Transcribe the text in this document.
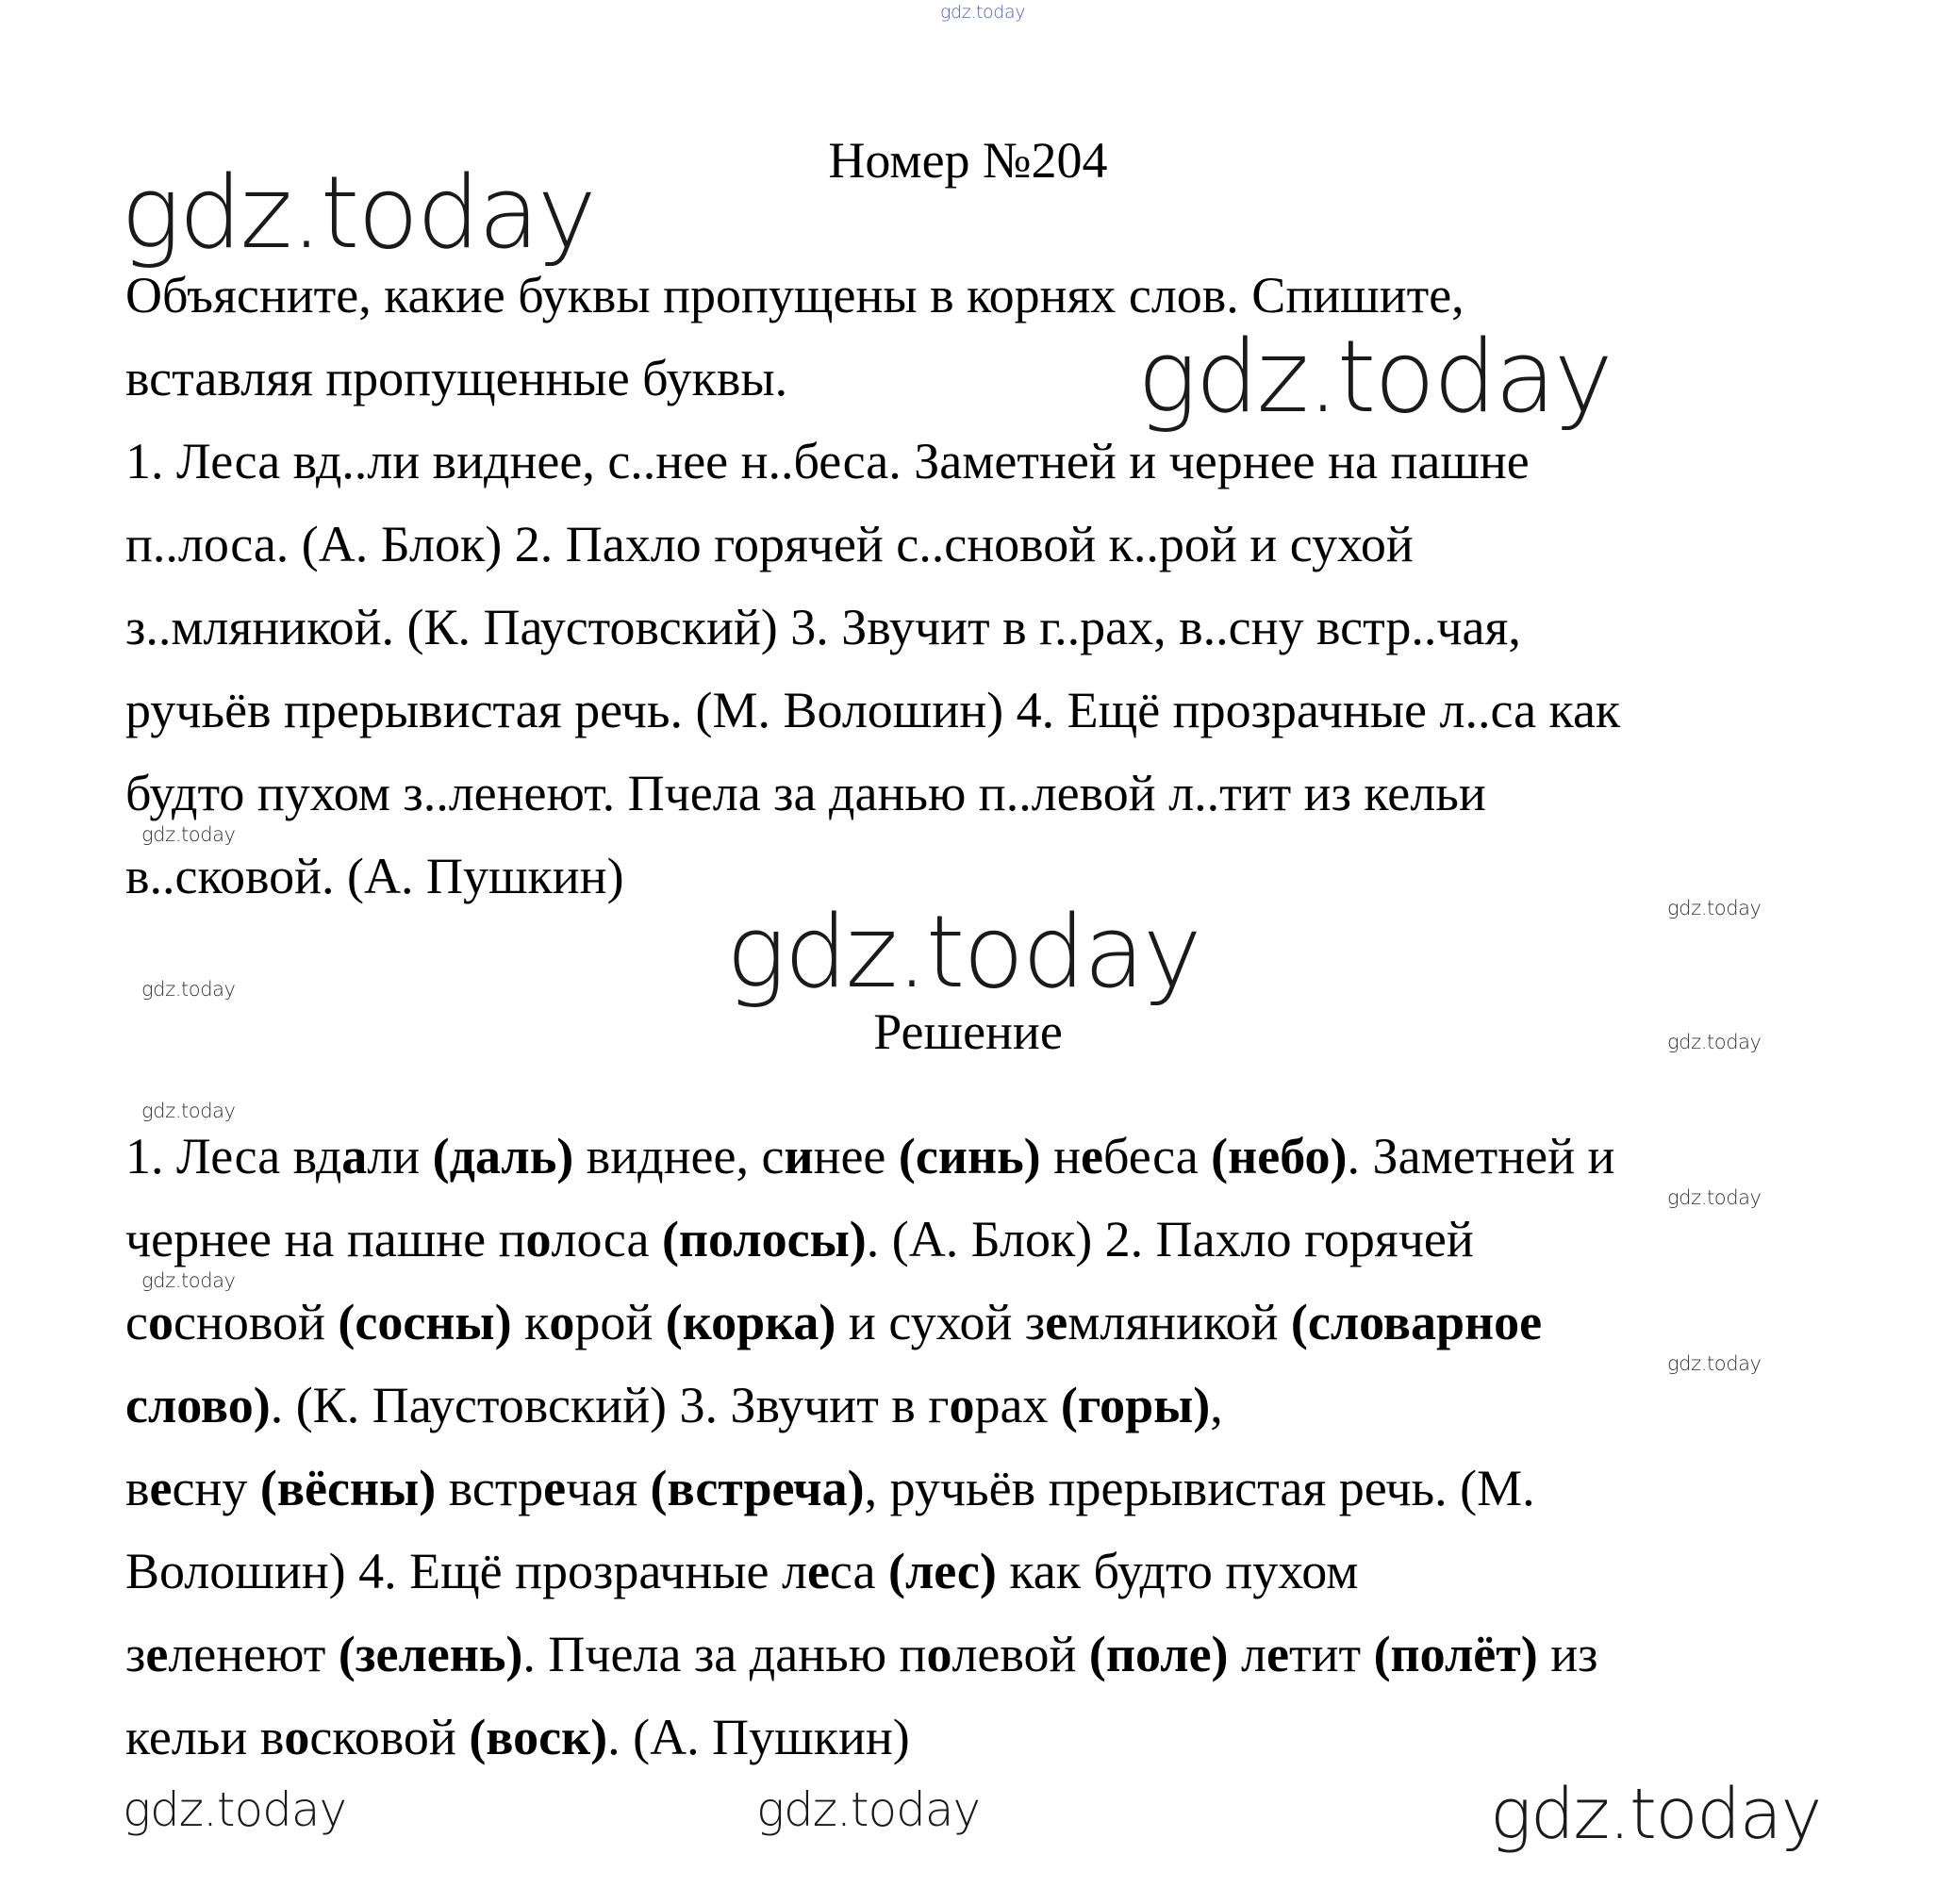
gdz.today
Номер №204
gdz.today
Объясните, какие буквы пропущены в корнях слов. Спишите,
вставляя пропущенные буквы.	gdz.today
1. Леса вд..ли виднее, с..нее н..беса. Заметней и чернее на пашне
п..лоса. (А. Блок) 2. Пахло горячей с..сновой к..рой и сухой
з..мляникой. (К. Паустовский) 3. Звучит в г..рах, в..сну встр..чая,
ручьёв прерывистая речь. (М. Волошин) 4. Ещё прозрачные л..са как
будто пухом з..ленеют. Пчела за данью п..левой л..тит из кельи
в..сковой. (А. Пушкин)
gdz.today
gdz.today
gdz.today	gdz.today
Решение	gdz.today
gdz.today
1. Леса вдали (даль) виднее, синее (синь) небеса (небо). Заметней и
чернее на пашне полоса (полосы). (А. Блок) 2. Пахло горячей
сосновой (сосны) корой (корка) и сухой земляникой (словарное
слово). (К. Паустовский) 3. Звучит в горах (горы),
весну (вёсны) встречая (встреча), ручьёв прерывистая речь. (М.
Волошин) 4. Ещё прозрачные леса (лес) как будто пухом
зеленеют (зелень). Пчела за данью полевой (поле) летит (полёт) из
кельи восковой (воск). (А. Пушкин)
gdz.today
gdz.today
gdz.today
gdz.today	gdz.today	gdz.today
